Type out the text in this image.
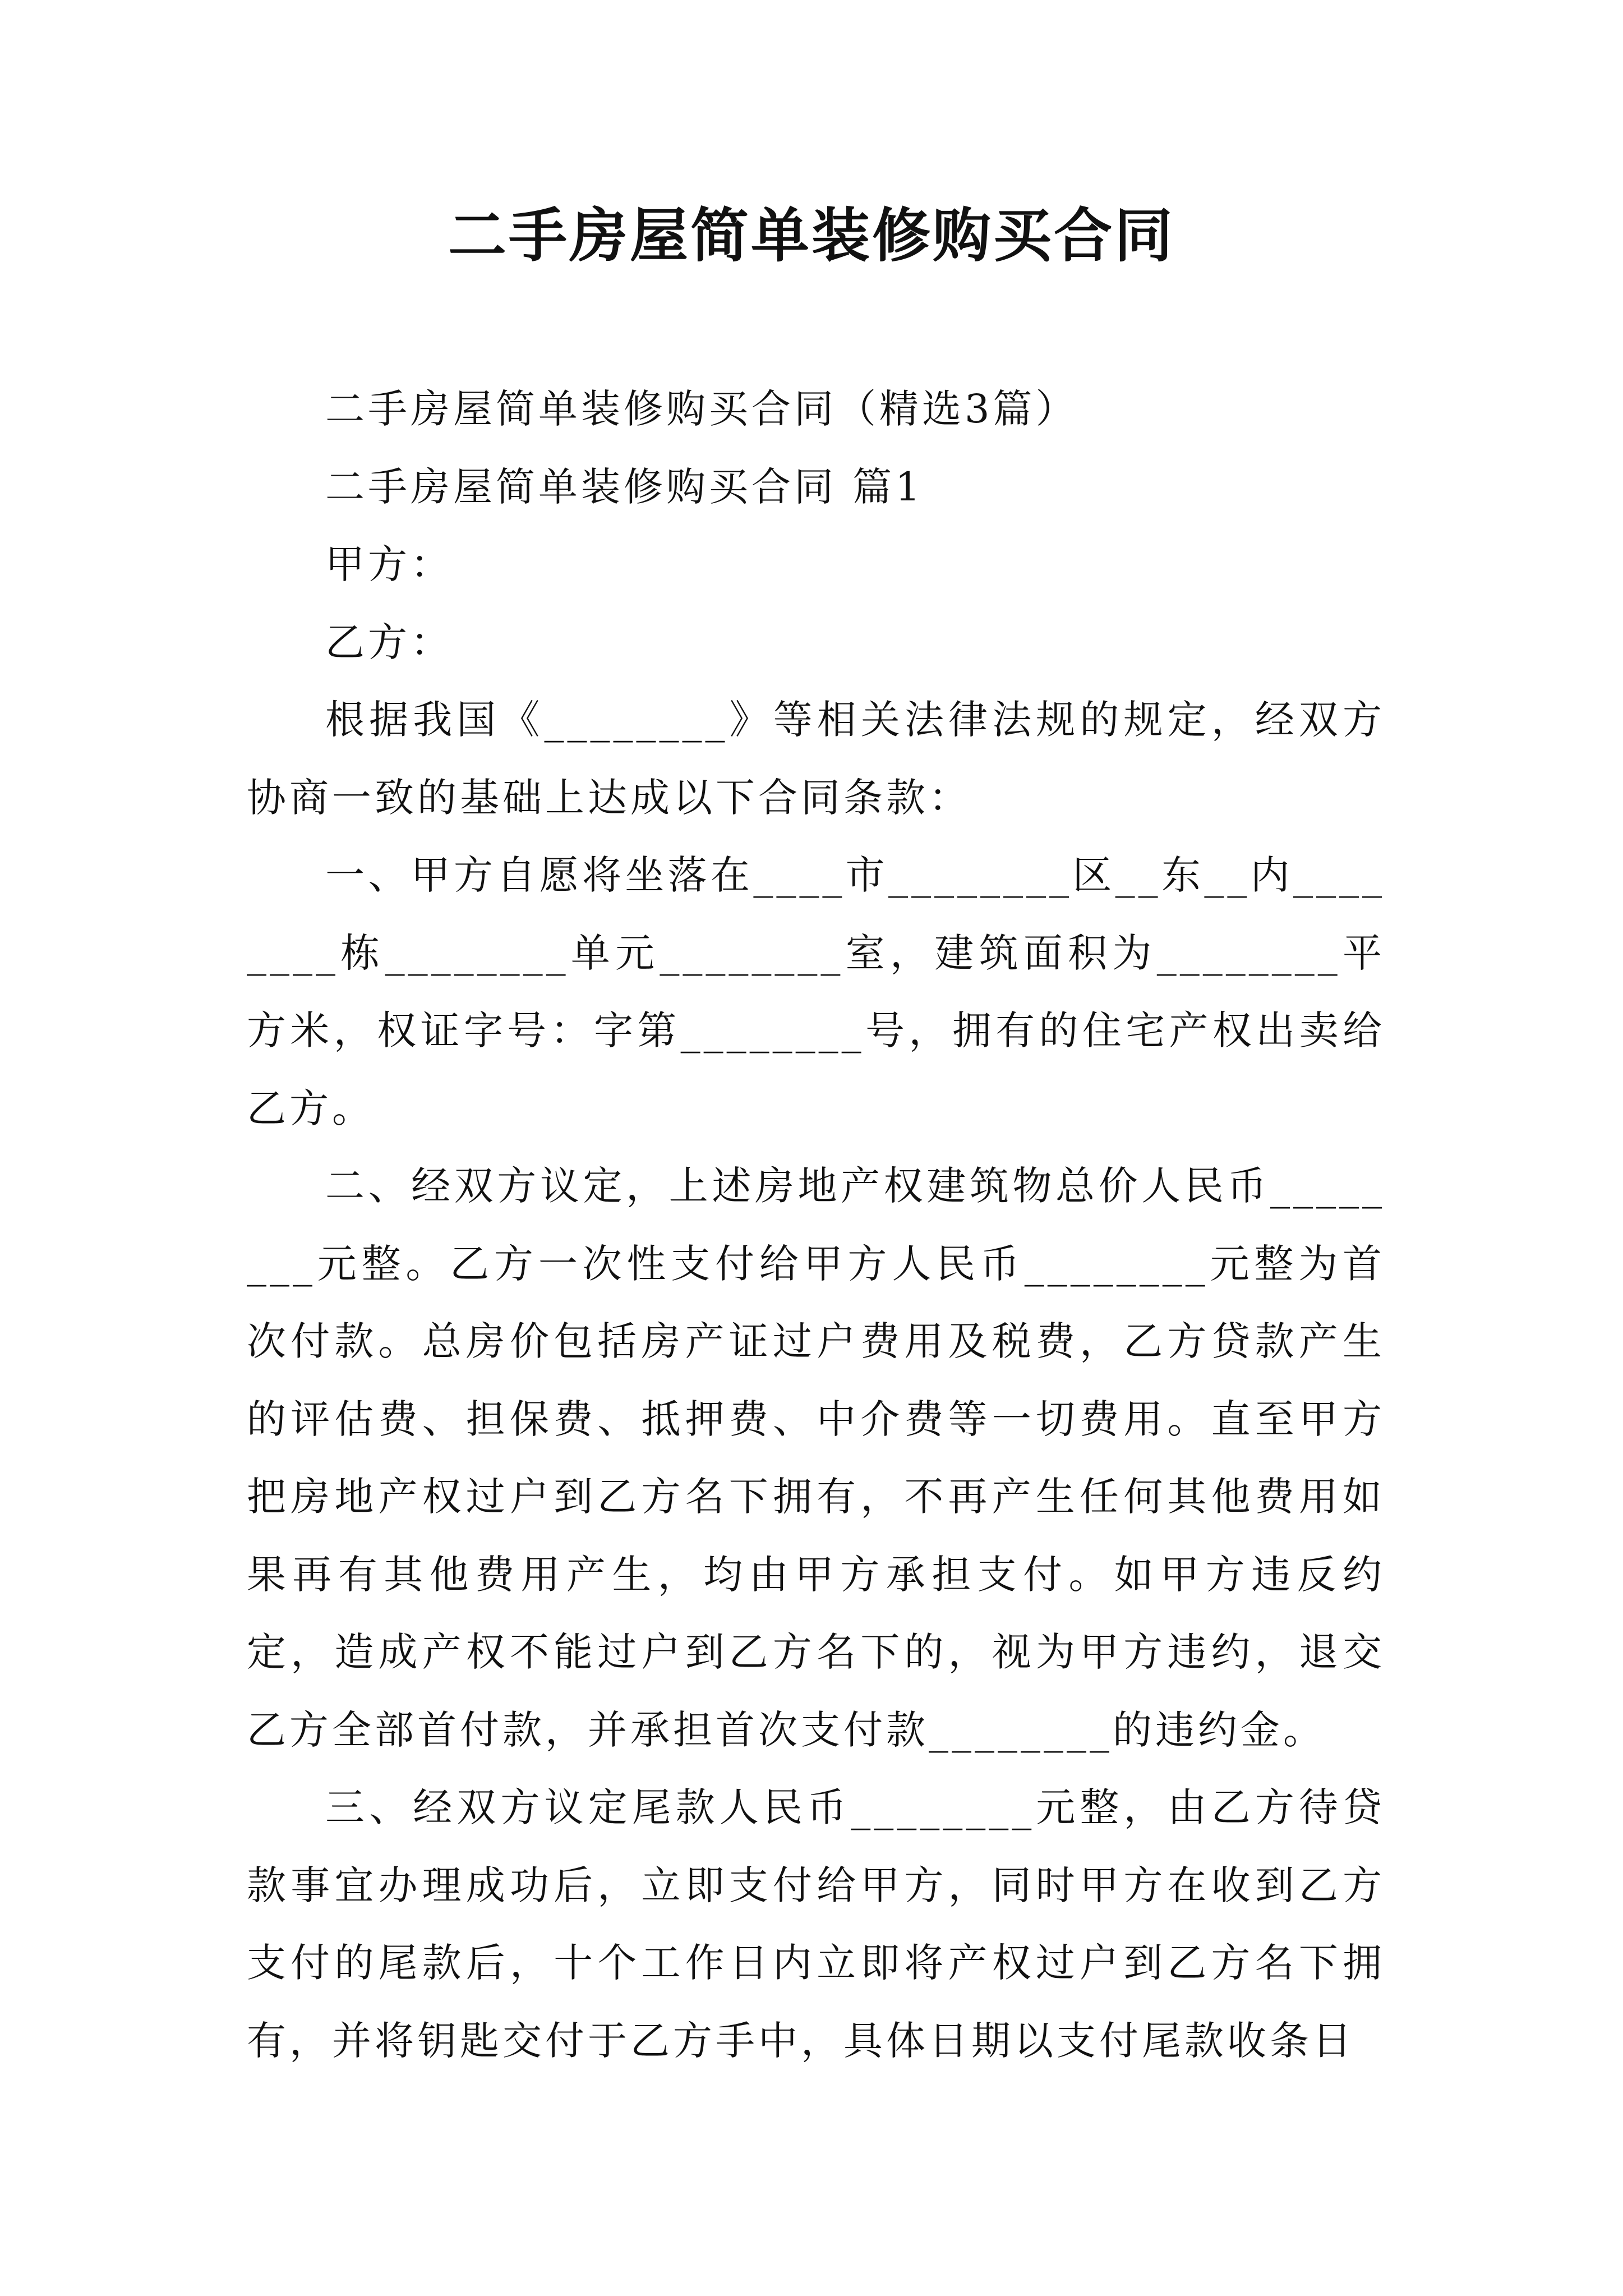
二手房屋简单装修购买合同

二手房屋简单装修购买合同（精选3篇）

二手房屋简单装修购买合同 篇1

甲方：

乙方：

根据我国《________》等相关法律法规的规定，经双方协商一致的基础上达成以下合同条款：

一、甲方自愿将坐落在____市________区__东__内________栋________单元________室，建筑面积为________平方米，权证字号：字第________号，拥有的住宅产权出卖给乙方。

二、经双方议定，上述房地产权建筑物总价人民币________元整。乙方一次性支付给甲方人民币________元整为首次付款。总房价包括房产证过户费用及税费，乙方贷款产生的评估费、担保费、抵押费、中介费等一切费用。直至甲方把房地产权过户到乙方名下拥有，不再产生任何其他费用如果再有其他费用产生，均由甲方承担支付。如甲方违反约定，造成产权不能过户到乙方名下的，视为甲方违约，退交乙方全部首付款，并承担首次支付款________的违约金。

三、经双方议定尾款人民币________元整，由乙方待贷款事宜办理成功后，立即支付给甲方，同时甲方在收到乙方支付的尾款后，十个工作日内立即将产权过户到乙方名下拥有，并将钥匙交付于乙方手中，具体日期以支付尾款收条日
